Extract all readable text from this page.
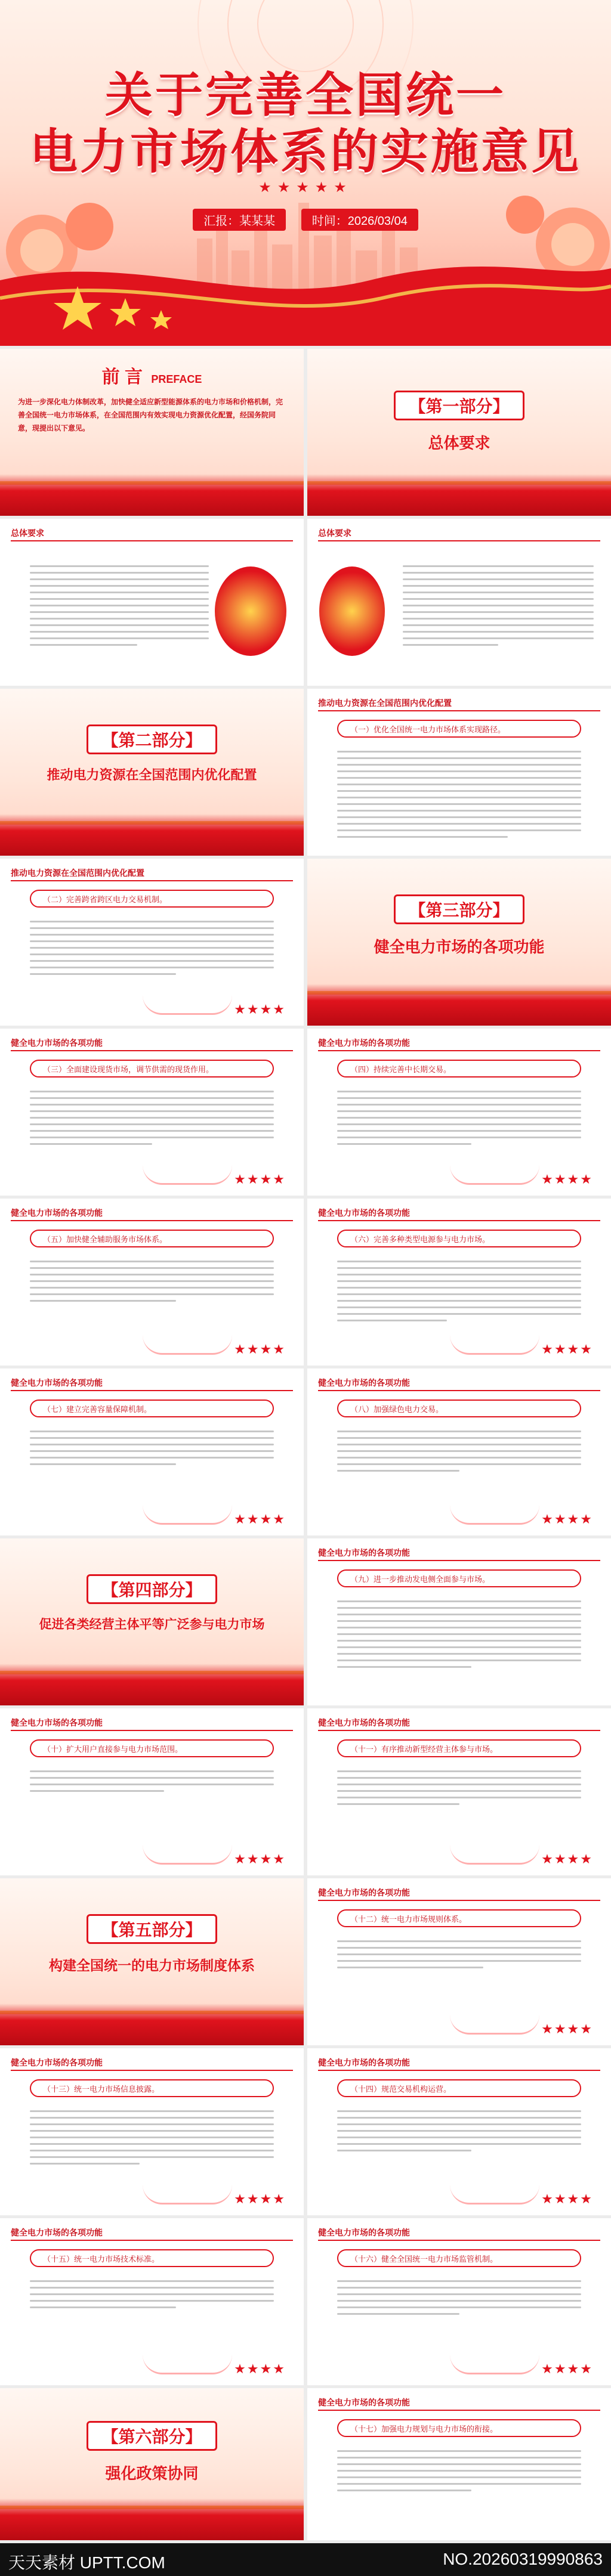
关于完善全国统一
电力市场体系的实施意见
★★★★★
汇报：某某某	时间：2026/03/04
前 言 PREFACE
为进一步深化电力体制改革，加快健全适应新型能源体系的电力市场和价格机制，完善全国统一电力市场体系，在全国范围内有效实现电力资源优化配置，经国务院同意，现提出以下意见。
【第一部分】
总体要求
总体要求	总体要求
【第二部分】
推动电力资源在全国范围内优化配置
推动电力资源在全国范围内优化配置
（一）优化全国统一电力市场体系实现路径。
推动电力资源在全国范围内优化配置
（二）完善跨省跨区电力交易机制。
★★★★
【第三部分】
健全电力市场的各项功能
健全电力市场的各项功能
（三）全面建设现货市场，调节供需的现货作用。
★★★★
健全电力市场的各项功能
（四）持续完善中长期交易。
★★★★
健全电力市场的各项功能
（五）加快健全辅助服务市场体系。
★★★★
健全电力市场的各项功能
（六）完善多种类型电源参与电力市场。
★★★★
健全电力市场的各项功能
（七）建立完善容量保障机制。
★★★★
健全电力市场的各项功能
（八）加强绿色电力交易。
★★★★
【第四部分】
促进各类经营主体平等广泛参与电力市场
健全电力市场的各项功能
（九）进一步推动发电侧全面参与市场。
健全电力市场的各项功能
（十）扩大用户直接参与电力市场范围。
★★★★
健全电力市场的各项功能
（十一）有序推动新型经营主体参与市场。
★★★★
【第五部分】
构建全国统一的电力市场制度体系
健全电力市场的各项功能
（十二）统一电力市场规则体系。
★★★★
健全电力市场的各项功能
（十三）统一电力市场信息披露。
★★★★
健全电力市场的各项功能
（十四）规范交易机构运营。
★★★★
健全电力市场的各项功能
（十五）统一电力市场技术标准。
★★★★
健全电力市场的各项功能
（十六）健全全国统一电力市场监管机制。
★★★★
【第六部分】
强化政策协同
健全电力市场的各项功能
（十七）加强电力规划与电力市场的衔接。
天天素材 UPTT.COM	NO.20260319990863
